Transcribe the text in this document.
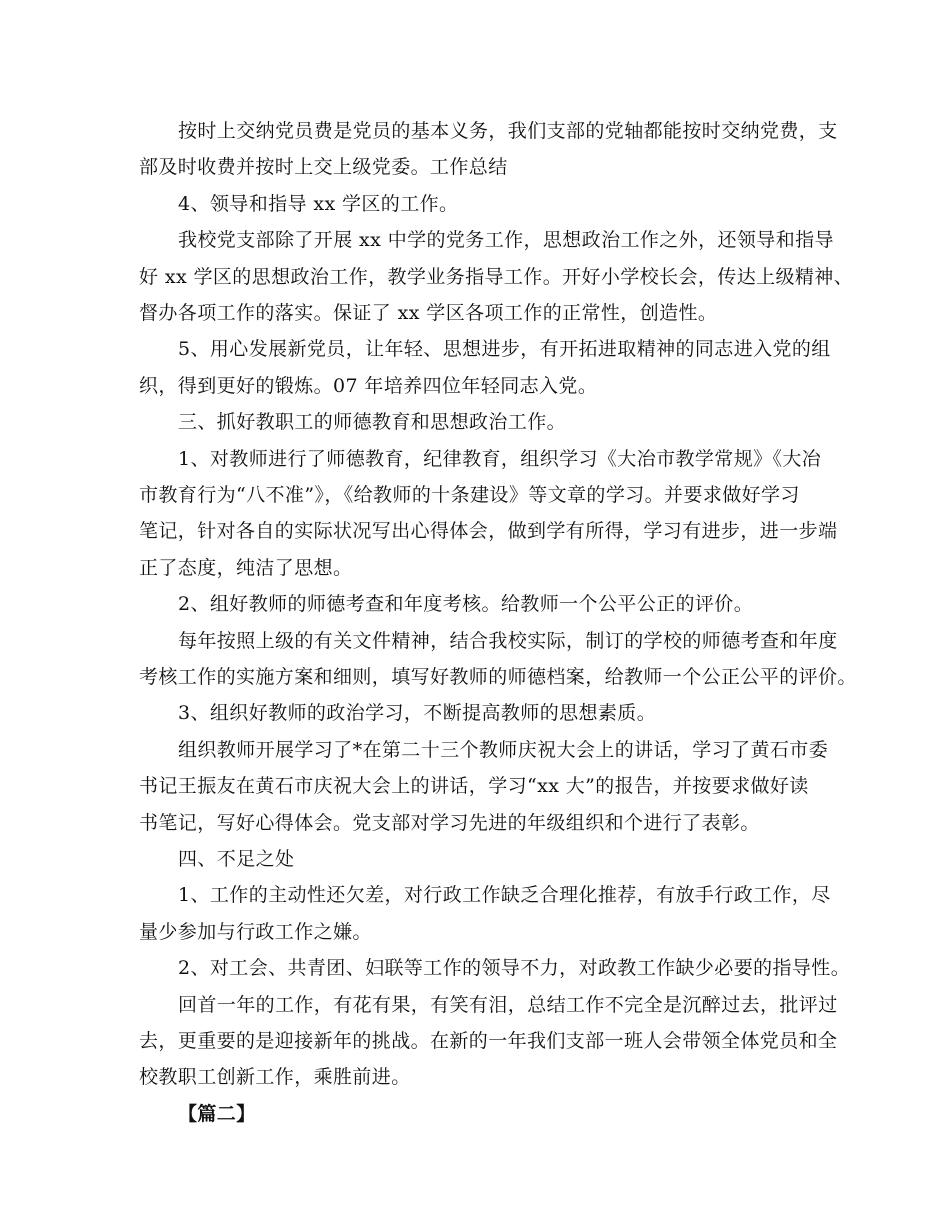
按时上交纳党员费是党员的基本义务，我们支部的党轴都能按时交纳党费，支
部及时收费并按时上交上级党委。工作总结
4、领导和指导 xx 学区的工作。
我校党支部除了开展 xx 中学的党务工作，思想政治工作之外，还领导和指导
好 xx 学区的思想政治工作，教学业务指导工作。开好小学校长会，传达上级精神、
督办各项工作的落实。保证了 xx 学区各项工作的正常性，创造性。
5、用心发展新党员，让年轻、思想进步，有开拓进取精神的同志进入党的组
织，得到更好的锻炼。07 年培养四位年轻同志入党。
三、抓好教职工的师德教育和思想政治工作。
1、对教师进行了师德教育，纪律教育，组织学习《大冶市教学常规》《大冶
市教育行为“八不准”》，《给教师的十条建设》等文章的学习。并要求做好学习
笔记，针对各自的实际状况写出心得体会，做到学有所得，学习有进步，进一步端
正了态度，纯洁了思想。
2、组好教师的师德考查和年度考核。给教师一个公平公正的评价。
每年按照上级的有关文件精神，结合我校实际，制订的学校的师德考查和年度
考核工作的实施方案和细则，填写好教师的师德档案，给教师一个公正公平的评价。
3、组织好教师的政治学习，不断提高教师的思想素质。
组织教师开展学习了*在第二十三个教师庆祝大会上的讲话，学习了黄石市委
书记王振友在黄石市庆祝大会上的讲话，学习“xx 大”的报告，并按要求做好读
书笔记，写好心得体会。党支部对学习先进的年级组织和个进行了表彰。
四、不足之处
1、工作的主动性还欠差，对行政工作缺乏合理化推荐，有放手行政工作，尽
量少参加与行政工作之嫌。
2、对工会、共青团、妇联等工作的领导不力，对政教工作缺少必要的指导性。
回首一年的工作，有花有果，有笑有泪，总结工作不完全是沉醉过去，批评过
去，更重要的是迎接新年的挑战。在新的一年我们支部一班人会带领全体党员和全
校教职工创新工作，乘胜前进。
【篇二】
